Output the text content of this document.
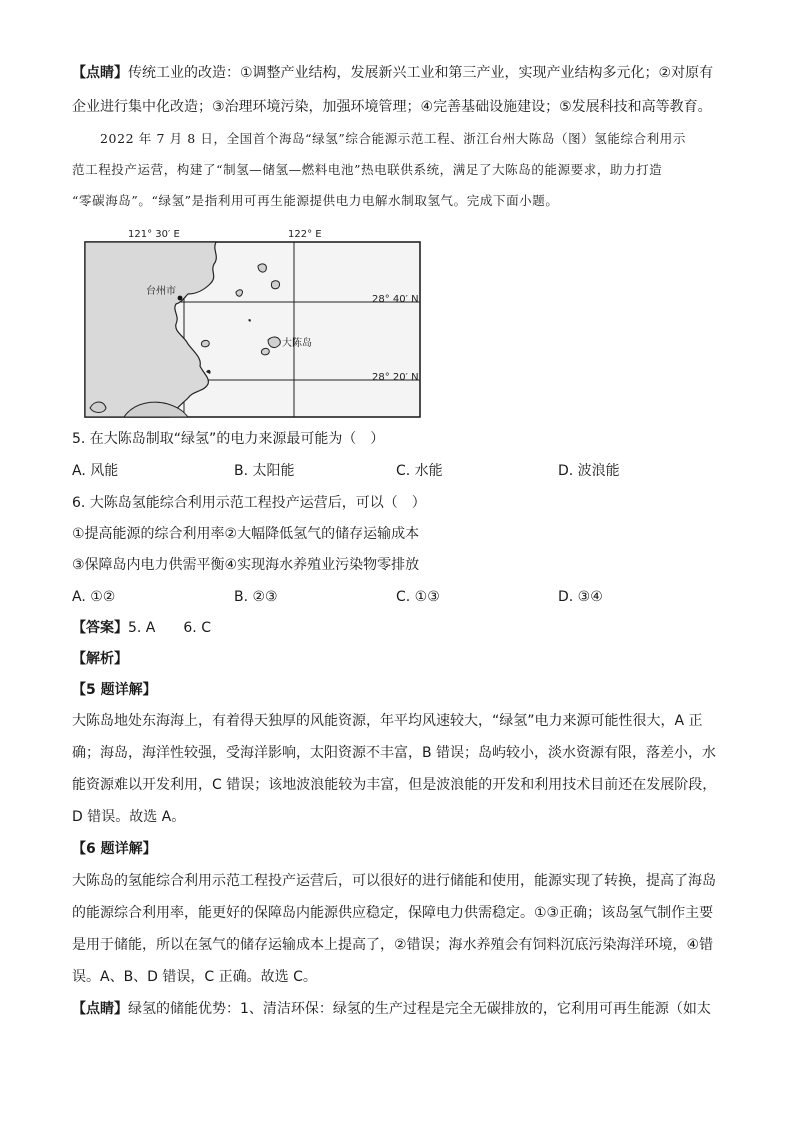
【点睛】传统工业的改造：①调整产业结构，发展新兴工业和第三产业，实现产业结构多元化；②对原有
企业进行集中化改造；③治理环境污染，加强环境管理；④完善基础设施建设；⑤发展科技和高等教育。
2022 年 7 月 8 日，全国首个海岛“绿氢”综合能源示范工程、浙江台州大陈岛（图）氢能综合利用示
范工程投产运营，构建了“制氢—储氢—燃料电池”热电联供系统，满足了大陈岛的能源要求，助力打造
“零碳海岛”。“绿氢”是指利用可再生能源提供电力电解水制取氢气。完成下面小题。
121° 30′ E	122° E
台州市
28° 40′ N
28° 20′ N
大陈岛
5. 在大陈岛制取“绿氢”的电力来源最可能为（　）
A. 风能	B. 太阳能	C. 水能	D. 波浪能
6. 大陈岛氢能综合利用示范工程投产运营后，可以（　）
①提高能源的综合利用率②大幅降低氢气的储存运输成本
③保障岛内电力供需平衡④实现海水养殖业污染物零排放
A. ①②	B. ②③	C. ①③	D. ③④
【答案】5. A　　6. C
【解析】
【5 题详解】
大陈岛地处东海海上，有着得天独厚的风能资源，年平均风速较大，“绿氢”电力来源可能性很大，A 正
确；海岛，海洋性较强，受海洋影响，太阳资源不丰富，B 错误；岛屿较小，淡水资源有限，落差小，水
能资源难以开发利用，C 错误；该地波浪能较为丰富，但是波浪能的开发和利用技术目前还在发展阶段，
D 错误。故选 A。
【6 题详解】
大陈岛的氢能综合利用示范工程投产运营后，可以很好的进行储能和使用，能源实现了转换，提高了海岛
的能源综合利用率，能更好的保障岛内能源供应稳定，保障电力供需稳定。①③正确；该岛氢气制作主要
是用于储能，所以在氢气的储存运输成本上提高了，②错误；海水养殖会有饲料沉底污染海洋环境，④错
误。A、B、D 错误，C 正确。故选 C。
【点睛】绿氢的储能优势：1、清洁环保：绿氢的生产过程是完全无碳排放的，它利用可再生能源（如太
